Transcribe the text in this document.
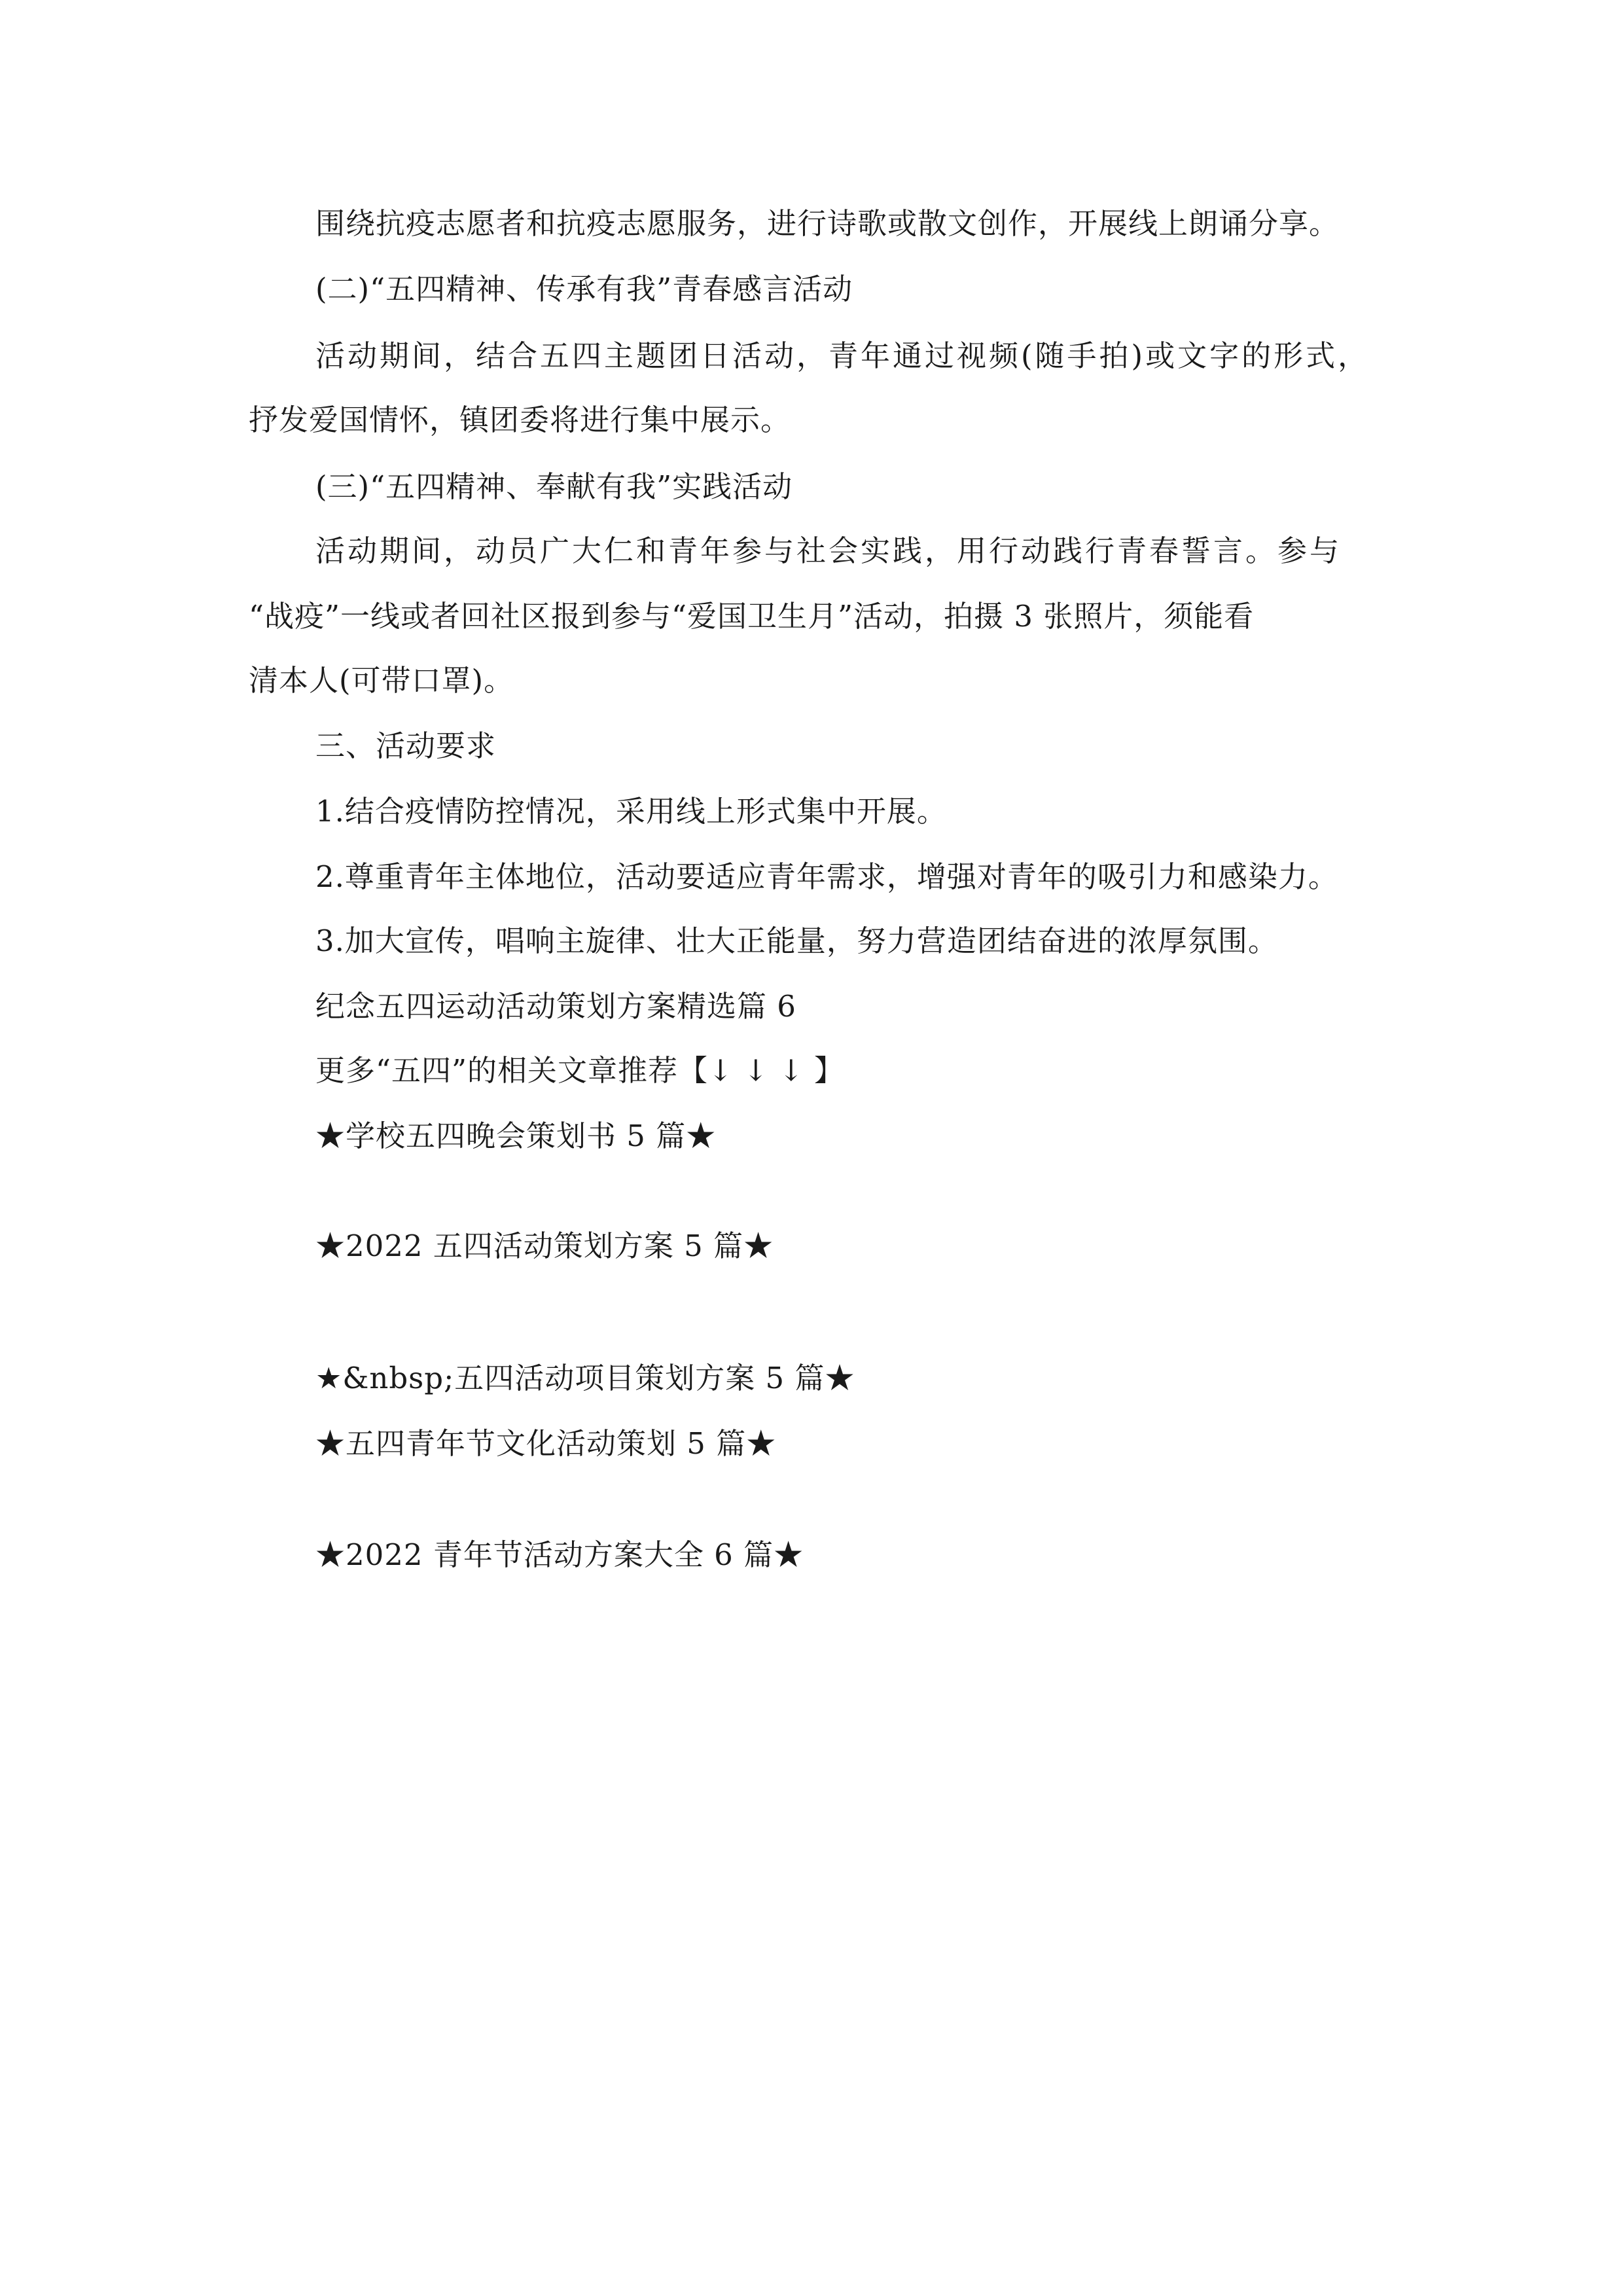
围绕抗疫志愿者和抗疫志愿服务，进行诗歌或散文创作，开展线上朗诵分享。
(二)“五四精神、传承有我”青春感言活动
活动期间，结合五四主题团日活动，青年通过视频(随手拍)或文字的形式，
抒发爱国情怀，镇团委将进行集中展示。
(三)“五四精神、奉献有我”实践活动
活动期间，动员广大仁和青年参与社会实践，用行动践行青春誓言。参与
“战疫”一线或者回社区报到参与“爱国卫生月”活动，拍摄 3 张照片，须能看
清本人(可带口罩)。
三、活动要求
1.结合疫情防控情况，采用线上形式集中开展。
2.尊重青年主体地位，活动要适应青年需求，增强对青年的吸引力和感染力。
3.加大宣传，唱响主旋律、壮大正能量，努力营造团结奋进的浓厚氛围。
纪念五四运动活动策划方案精选篇 6
更多“五四”的相关文章推荐【↓ ↓ ↓ 】
★学校五四晚会策划书 5 篇★
★2022 五四活动策划方案 5 篇★
★&nbsp;五四活动项目策划方案 5 篇★
★五四青年节文化活动策划 5 篇★
★2022 青年节活动方案大全 6 篇★
